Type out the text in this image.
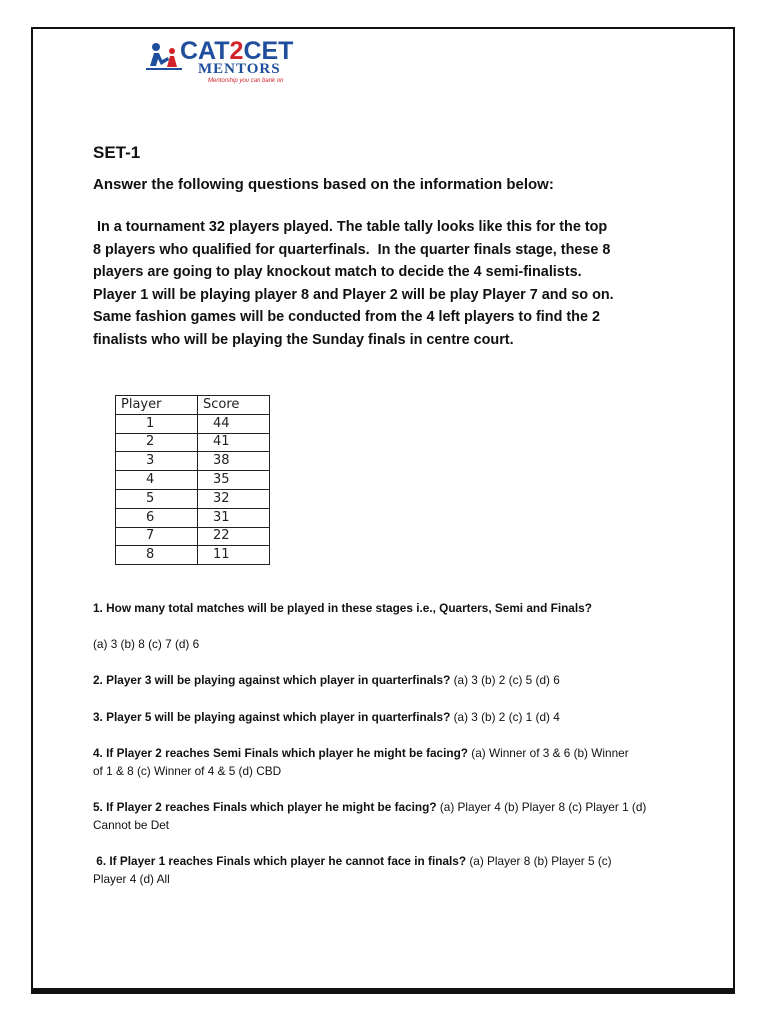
CAT2CET
MENTORS
Mentorship you can bank on
SET-1
Answer the following questions based on the information below:
In a tournament 32 players played. The table tally looks like this for the top
8 players who qualified for quarterfinals.  In the quarter finals stage, these 8
players are going to play knockout match to decide the 4 semi-finalists.
Player 1 will be playing player 8 and Player 2 will be play Player 7 and so on.
Same fashion games will be conducted from the 4 left players to find the 2
finalists who will be playing the Sunday finals in centre court.
Player	Score
1	44
2	41
3	38
4	35
5	32
6	31
7	22
8	11
1. How many total matches will be played in these stages i.e., Quarters, Semi and Finals?
(a) 3 (b) 8 (c) 7 (d) 6
2. Player 3 will be playing against which player in quarterfinals? (a) 3 (b) 2 (c) 5 (d) 6
3. Player 5 will be playing against which player in quarterfinals? (a) 3 (b) 2 (c) 1 (d) 4
4. If Player 2 reaches Semi Finals which player he might be facing? (a) Winner of 3 & 6 (b) Winner
of 1 & 8 (c) Winner of 4 & 5 (d) CBD
5. If Player 2 reaches Finals which player he might be facing? (a) Player 4 (b) Player 8 (c) Player 1 (d)
Cannot be Det
6. If Player 1 reaches Finals which player he cannot face in finals? (a) Player 8 (b) Player 5 (c)
Player 4 (d) All
